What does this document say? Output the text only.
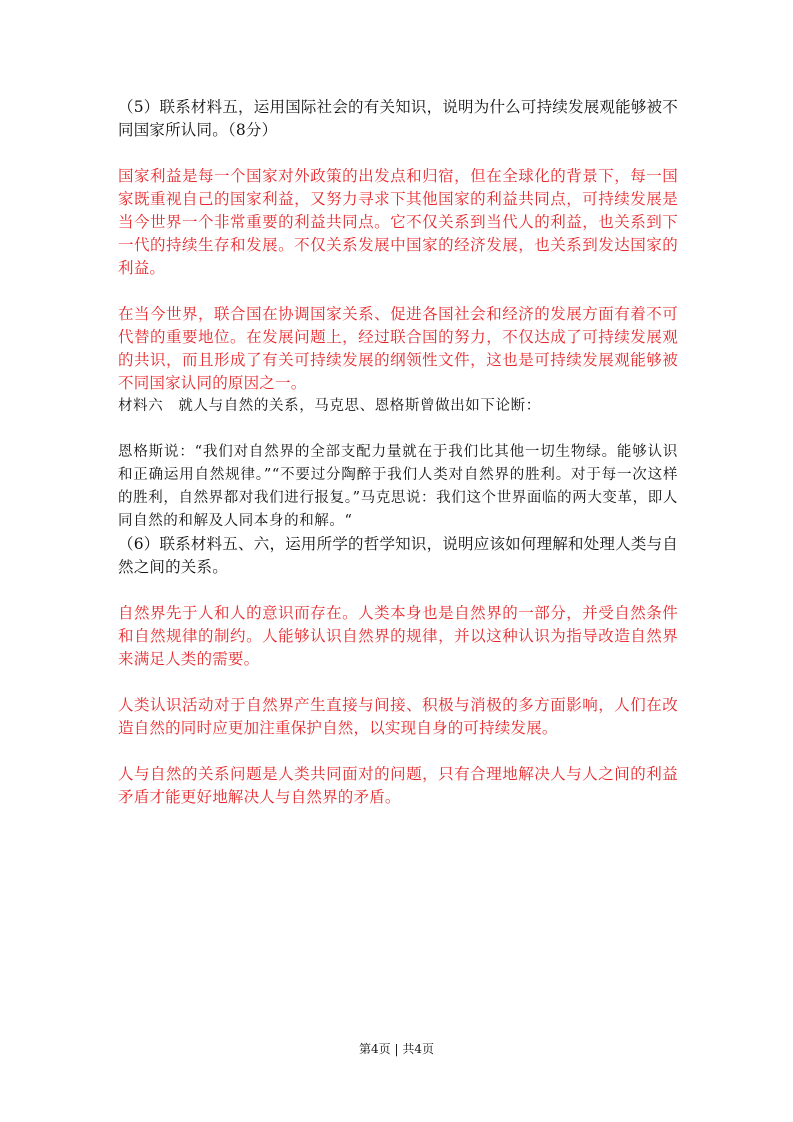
（5）联系材料五，运用国际社会的有关知识，说明为什么可持续发展观能够被不同国家所认同。（8分）

国家利益是每一个国家对外政策的出发点和归宿，但在全球化的背景下，每一国家既重视自己的国家利益，又努力寻求下其他国家的利益共同点，可持续发展是当今世界一个非常重要的利益共同点。它不仅关系到当代人的利益，也关系到下一代的持续生存和发展。不仅关系发展中国家的经济发展，也关系到发达国家的利益。

在当今世界，联合国在协调国家关系、促进各国社会和经济的发展方面有着不可代替的重要地位。在发展问题上，经过联合国的努力，不仅达成了可持续发展观的共识，而且形成了有关可持续发展的纲领性文件，这也是可持续发展观能够被不同国家认同的原因之一。

材料六　就人与自然的关系，马克思、恩格斯曾做出如下论断：

恩格斯说：“我们对自然界的全部支配力量就在于我们比其他一切生物绿。能够认识和正确运用自然规律。”“不要过分陶醉于我们人类对自然界的胜利。对于每一次这样的胜利，自然界都对我们进行报复。”马克思说：我们这个世界面临的两大变革，即人同自然的和解及人同本身的和解。“

（6）联系材料五、六，运用所学的哲学知识，说明应该如何理解和处理人类与自然之间的关系。

自然界先于人和人的意识而存在。人类本身也是自然界的一部分，并受自然条件和自然规律的制约。人能够认识自然界的规律，并以这种认识为指导改造自然界来满足人类的需要。

人类认识活动对于自然界产生直接与间接、积极与消极的多方面影响，人们在改造自然的同时应更加注重保护自然，以实现自身的可持续发展。

人与自然的关系问题是人类共同面对的问题，只有合理地解决人与人之间的利益矛盾才能更好地解决人与自然界的矛盾。

第4页 | 共4页
